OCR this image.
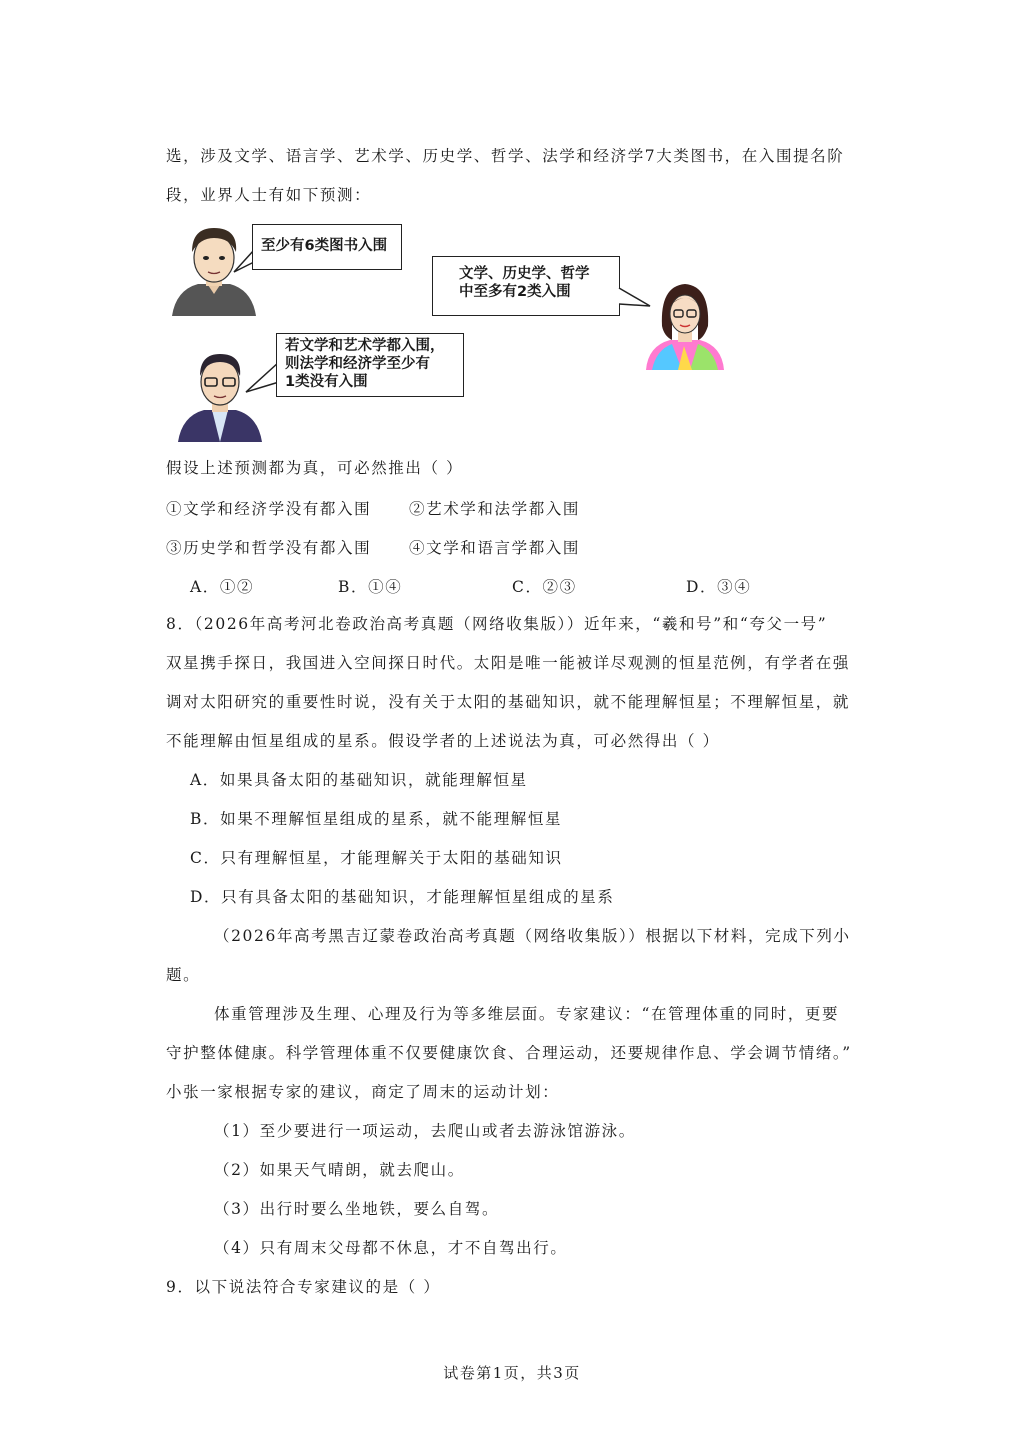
选，涉及文学、语言学、艺术学、历史学、哲学、法学和经济学7大类图书，在入围提名阶
段，业界人士有如下预测：
至少有6类图书入围
文学、历史学、哲学
中至多有2类入围
若文学和艺术学都入围，
则法学和经济学至少有
1类没有入围
假设上述预测都为真，可必然推出（ ）
①文学和经济学没有都入围 ②艺术学和法学都入围
③历史学和哲学没有都入围 ④文学和语言学都入围
A．①②	B．①④	C．②③	D．③④
8．（2026年高考河北卷政治高考真题（网络收集版））近年来，“羲和号”和“夸父一号”
双星携手探日，我国进入空间探日时代。太阳是唯一能被详尽观测的恒星范例，有学者在强
调对太阳研究的重要性时说，没有关于太阳的基础知识，就不能理解恒星；不理解恒星，就
不能理解由恒星组成的星系。假设学者的上述说法为真，可必然得出（ ）
A．如果具备太阳的基础知识，就能理解恒星
B．如果不理解恒星组成的星系，就不能理解恒星
C．只有理解恒星，才能理解关于太阳的基础知识
D．只有具备太阳的基础知识，才能理解恒星组成的星系
（2026年高考黑吉辽蒙卷政治高考真题（网络收集版））根据以下材料，完成下列小
题。
体重管理涉及生理、心理及行为等多维层面。专家建议：“在管理体重的同时，更要
守护整体健康。科学管理体重不仅要健康饮食、合理运动，还要规律作息、学会调节情绪。”
小张一家根据专家的建议，商定了周末的运动计划：
（1）至少要进行一项运动，去爬山或者去游泳馆游泳。
（2）如果天气晴朗，就去爬山。
（3）出行时要么坐地铁，要么自驾。
（4）只有周末父母都不休息，才不自驾出行。
9．以下说法符合专家建议的是（ ）
试卷第1页，共3页
